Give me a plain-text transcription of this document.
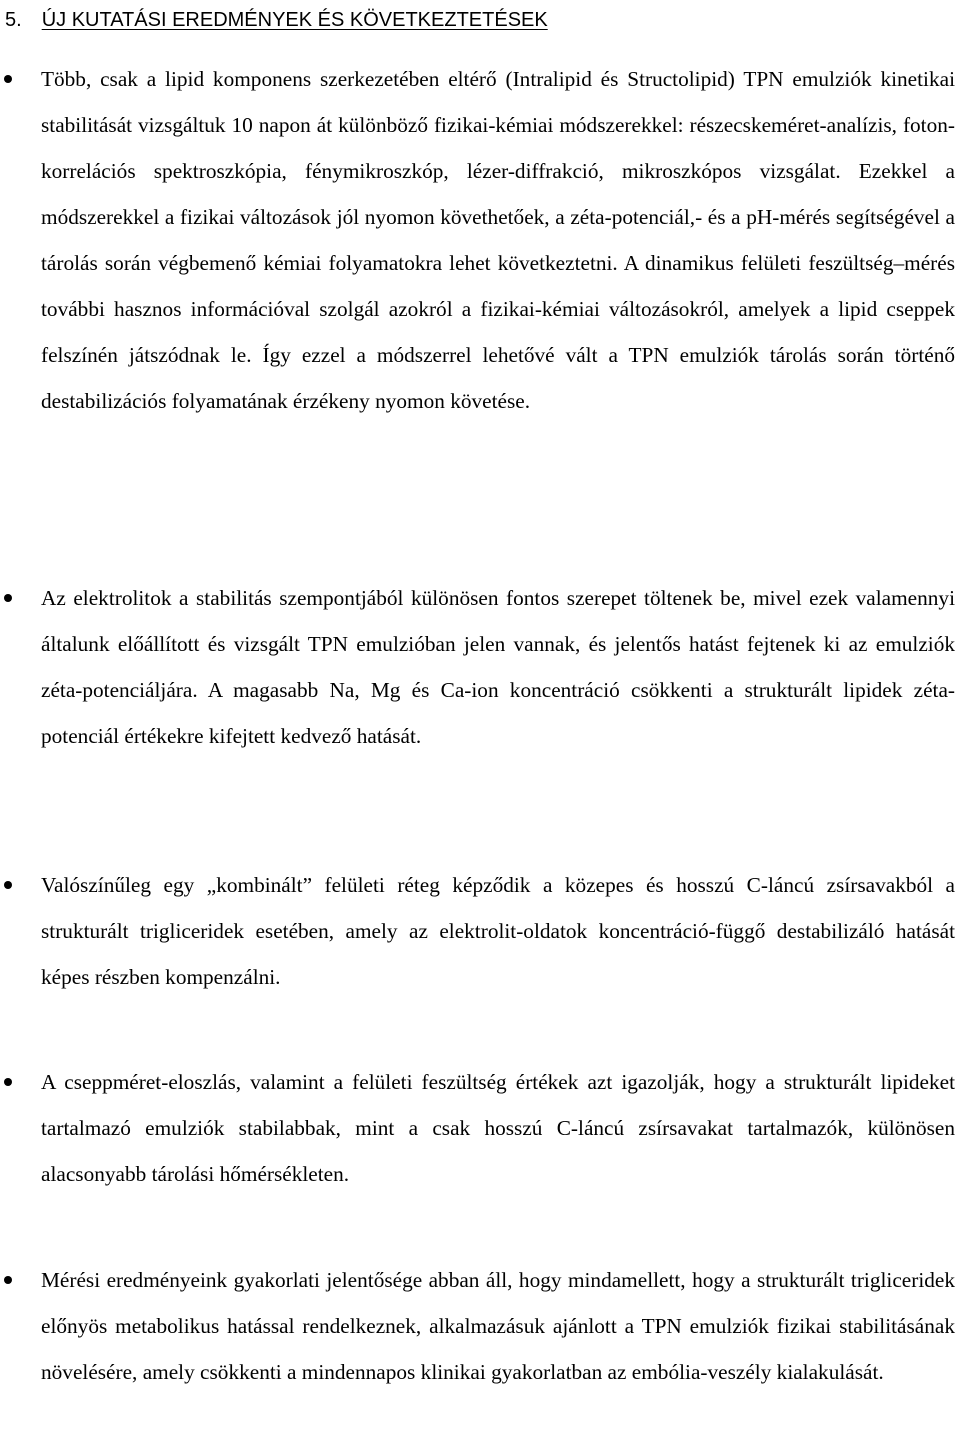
5. ÚJ KUTATÁSI EREDMÉNYEK ÉS KÖVETKEZTETÉSEK

Több, csak a lipid komponens szerkezetében eltérő (Intralipid és Structolipid) TPN emulziók kinetikai stabilitását vizsgáltuk 10 napon át különböző fizikai-kémiai módszerekkel: részecskeméret-analízis, foton-korrelációs spektroszkópia, fénymikroszkóp, lézer-diffrakció, mikroszkópos vizsgálat. Ezekkel a módszerekkel a fizikai változások jól nyomon követhetőek, a zéta-potenciál,- és a pH-mérés segítségével a tárolás során végbemenő kémiai folyamatokra lehet következtetni. A dinamikus felületi feszültség–mérés további hasznos információval szolgál azokról a fizikai-kémiai változásokról, amelyek a lipid cseppek felszínén játszódnak le. Így ezzel a módszerrel lehetővé vált a TPN emulziók tárolás során történő destabilizációs folyamatának érzékeny nyomon követése.

Az elektrolitok a stabilitás szempontjából különösen fontos szerepet töltenek be, mivel ezek valamennyi általunk előállított és vizsgált TPN emulzióban jelen vannak, és jelentős hatást fejtenek ki az emulziók zéta-potenciáljára. A magasabb Na, Mg és Ca-ion koncentráció csökkenti a strukturált lipidek zéta-potenciál értékekre kifejtett kedvező hatását.

Valószínűleg egy „kombinált” felületi réteg képződik a közepes és hosszú C-láncú zsírsavakból a strukturált trigliceridek esetében, amely az elektrolit-oldatok koncentráció-függő destabilizáló hatását képes részben kompenzálni.

A cseppméret-eloszlás, valamint a felületi feszültség értékek azt igazolják, hogy a strukturált lipideket tartalmazó emulziók stabilabbak, mint a csak hosszú C-láncú zsírsavakat tartalmazók, különösen alacsonyabb tárolási hőmérsékleten.

Mérési eredményeink gyakorlati jelentősége abban áll, hogy mindamellett, hogy a strukturált trigliceridek előnyös metabolikus hatással rendelkeznek, alkalmazásuk ajánlott a TPN emulziók fizikai stabilitásának növelésére, amely csökkenti a mindennapos klinikai gyakorlatban az embólia-veszély kialakulását.
